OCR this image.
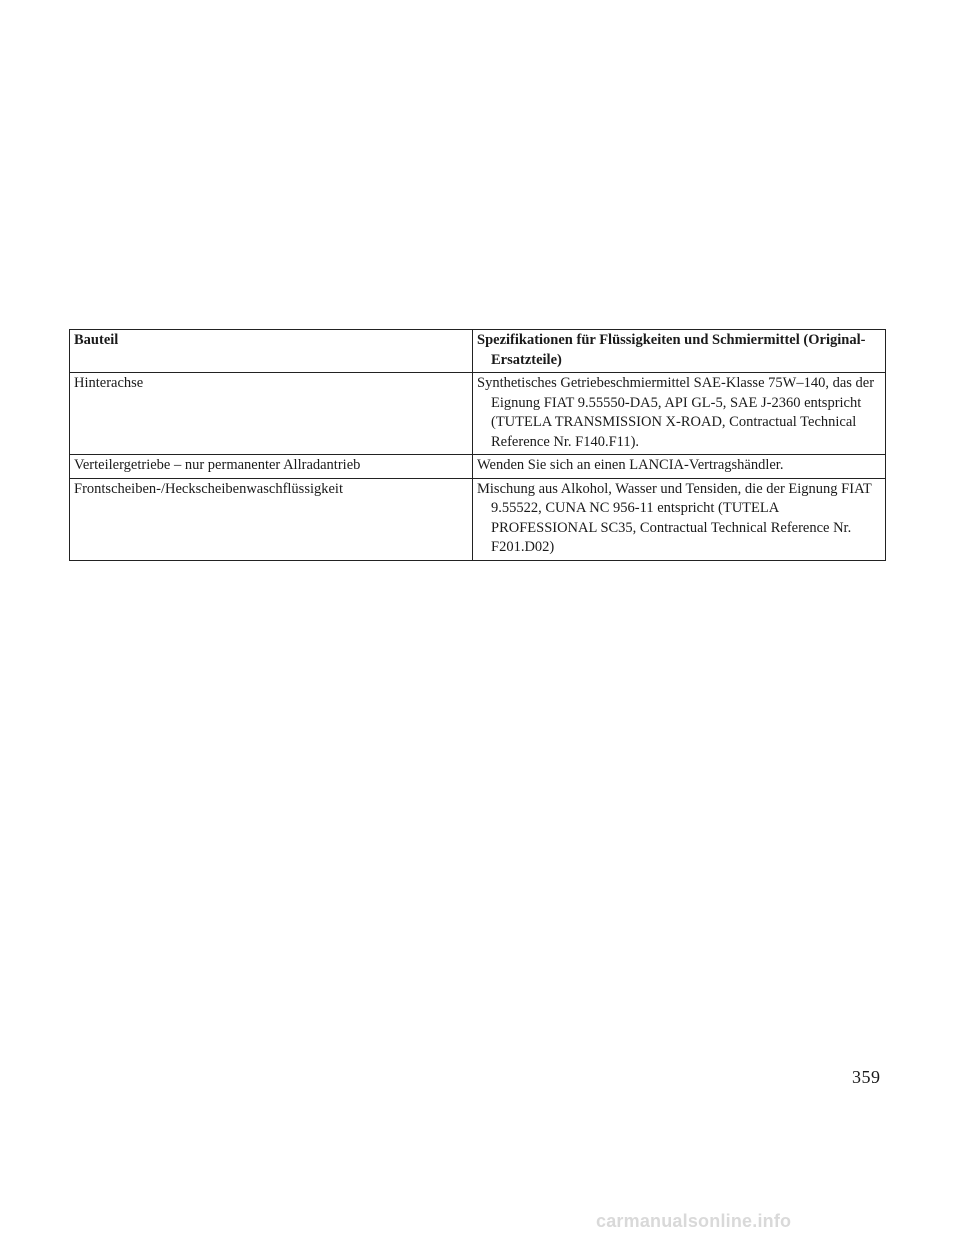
Bauteil	Spezifikationen für Flüssigkeiten und Schmiermittel (Original-Ersatzteile)
Hinterachse	Synthetisches Getriebeschmiermittel SAE-Klasse 75W–140, das der Eignung FIAT 9.55550-DA5, API GL-5, SAE J-2360 entspricht (TUTELA TRANSMISSION X-ROAD, Contractual Technical Reference Nr. F140.F11).
Verteilergetriebe – nur permanenter Allradantrieb	Wenden Sie sich an einen LANCIA-Vertragshändler.
Frontscheiben-/Heckscheibenwaschflüssigkeit	Mischung aus Alkohol, Wasser und Tensiden, die der Eignung FIAT 9.55522, CUNA NC 956-11 entspricht (TUTELA PROFESSIONAL SC35, Contractual Technical Reference Nr. F201.D02)
359
carmanualsonline.info
